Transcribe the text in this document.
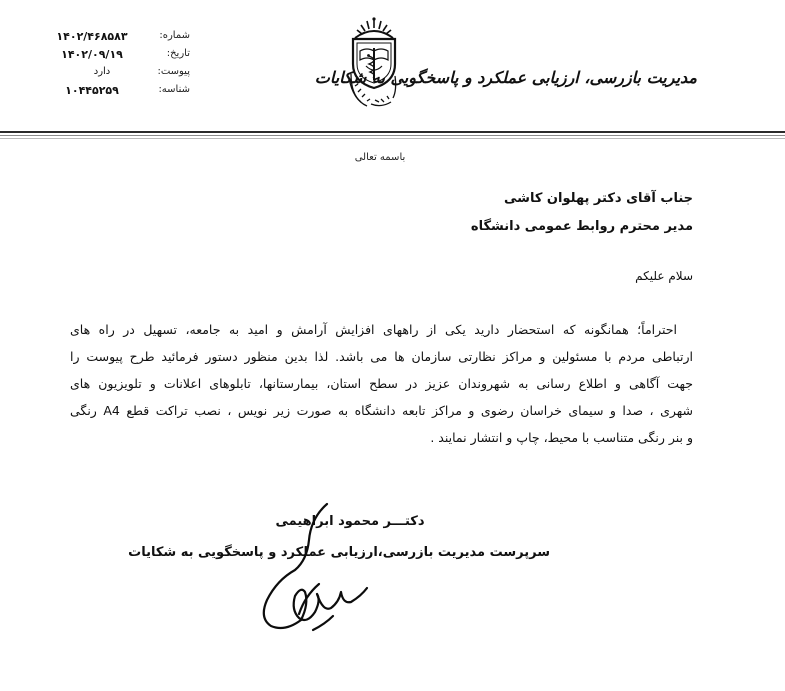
شماره:
۱۴۰۲/۴۶۸۵۸۳
تاریخ:
۱۴۰۲/۰۹/۱۹
پیوست:
دارد
شناسه:
۱۰۴۴۵۲۵۹
مدیریت بازرسی، ارزیابی عملکرد و پاسخگویی به شکایات
باسمه تعالی
جناب آقای دکتر پهلوان کاشی
مدیر محترم روابط عمومی دانشگاه
سلام علیکم
احتراماً؛ همانگونه که استحضار دارید یکی از راههای افزایش آرامش و امید به جامعه، تسهیل در راه های
ارتباطی مردم با مسئولین و مراکز نظارتی سازمان ها می باشد. لذا بدین منظور دستور فرمائید طرح پیوست را
جهت آگاهی و اطلاع رسانی به شهروندان عزیز در سطح استان، بیمارستانها، تابلوهای اعلانات و تلویزیون های
شهری ، صدا و سیمای خراسان رضوی و مراکز تابعه دانشگاه به صورت زیر نویس ، نصب تراکت قطع A4 رنگی
و بنر رنگی متناسب با محیط، چاپ و انتشار نمایند .
دکتـــر محمود ابراهیمی
سرپرست مدیریت بازرسی،ارزیابی عملکرد و پاسخگویی به شکایات
